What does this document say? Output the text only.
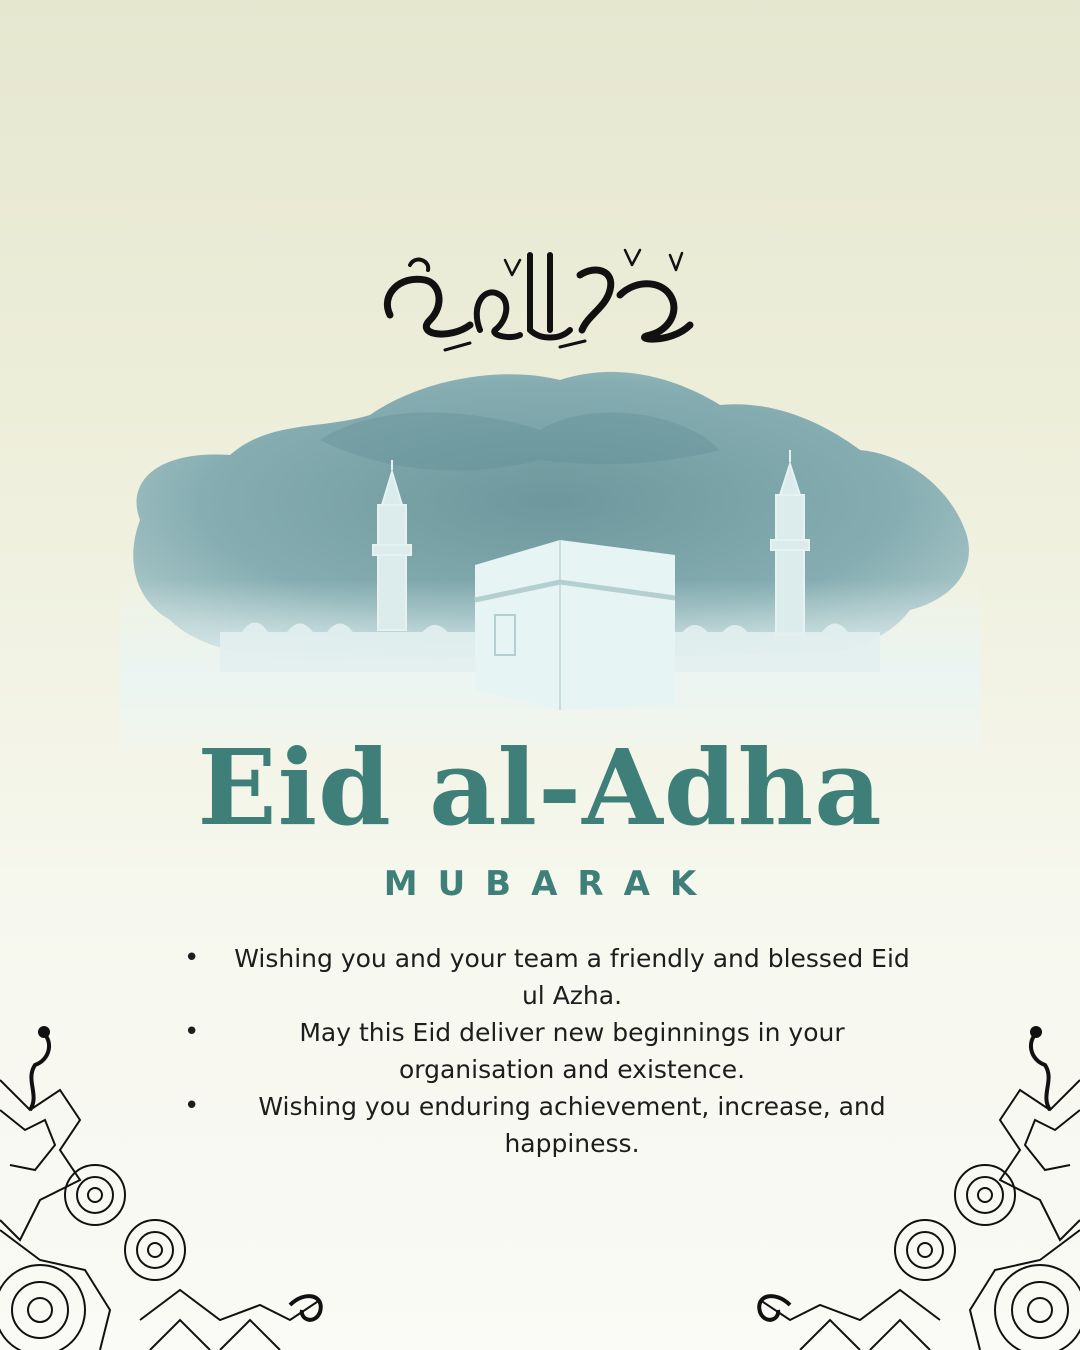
عيد الأضحى
Eid al-Adha
MUBARAK
• Wishing you and your team a friendly and blessed Eid ul Azha.
•	May this Eid deliver new beginnings in your organisation and existence.
• Wishing you enduring achievement, increase, and happiness.
